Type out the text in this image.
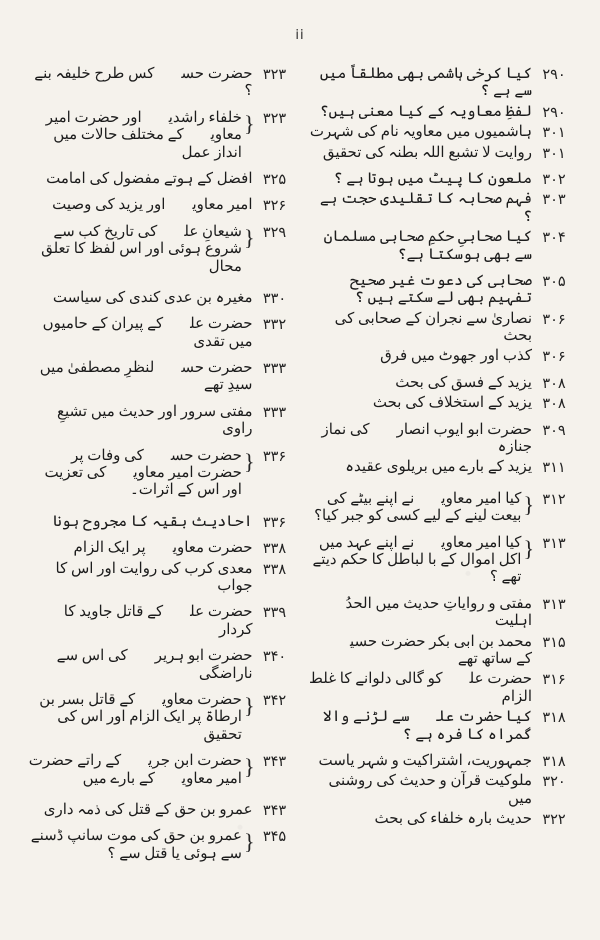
ii
۲۹۰
کیا کرخی ہاشمی بھی مطلقاً میں سے ہے ؟
۲۹۰
لفظِ معاویہ کے کیا معنی ہیں؟
۳۰۱
ہاشمیوں میں معاویہ نام کی شہرت
۳۰۱
روایت لا تشبع اللہ بطنہ کی تحقیق
۳۰۲
ملعون کا پیٹ میں ہوتا ہے ؟
۳۰۳
فہم صحابہ کا تقلیدی حجت ہے ؟
۳۰۴
کیا صحابیِ حکمِ صحابی مسلمان سے بھی ہوسکتا ہے؟
۳۰۵
صحابی کی دعوت غیر صحیح تفہیم بھی لے سکتے ہیں ؟
۳۰۶
نصاریٰ سے نجران کے صحابی کی بحث
۳۰۶
کذب اور جھوٹ میں فرق
۳۰۸
یزید کے فسق کی بحث
۳۰۸
یزید کے استخلاف کی بحث
۳۰۹
حضرت ابو ایوب انصاریؓ کی نماز جنازہ
۳۱۱
یزید کے بارے میں بریلوی عقیدہ
۳۱۲
{
کیا امیر معاویہؓ نے اپنے بیٹے کی بیعت لینے کے لیے کسی کو جبر کیا؟
۳۱۳
{
کیا امیر معاویہؓ نے اپنے عہد میں اکل اموال کے با لباطل کا حکم دیتے تھے ؟
۳۱۳
مفتی و روایاتِ حدیث میں الحدُ اہلیت
۳۱۵
محمد بن ابی بکر حضرت حسینؓ کے ساتھ تھے
۳۱۶
حضرت علیؓ کو گالی دلوانے کا غلط الزام
۳۱۸
کیا حضرت علیؓ سے لڑنے والا گمراہ کا فرہ ہے ؟
۳۱۸
جمہوریت، اشتراکیت و شہر یاست
۳۲۰
ملوکیت قرآن و حدیث کی روشنی میں
۳۲۲
حدیث بارہ خلفاء کی بحث
۳۲۳
حضرت حسنؓ کس طرح خلیفہ بنے ؟
۳۲۳
{
خلفاء راشدینؓ اور حضرت امیر معاویہؓ کے مختلف حالات میں انداز عمل
۳۲۵
افضل کے ہوتے مفضول کی امامت
۳۲۶
امیر معاویہؓ اور یزید کی وصیت
۳۲۹
{
شیعانِ علیؓ کی تاریخ کب سے شروع ہوئی اور اس لفظ کا تعلق محال
۳۳۰
مغیرہ بن عدی کندی کی سیاست
۳۳۲
حضرت علیؓ کے پیران کے حامیوں میں تقدی
۳۳۳
حضرت حسنؓ لنظرِ مصطفیٰ میں سیدِ تھے
۳۳۳
مفتی سرور اور حدیث میں تشیعِ راوی
۳۳۶
{
حضرت حسنؓ کی وفات پر حضرت امیر معاویہؓ کی تعزیت اور اس کے اثرات۔
۳۳۶
احادیث بقیہ کا مجروح ہونا
۳۳۸
حضرت معاویہؓ پر ایک الزام
۳۳۸
معدی کرب کی روایت اور اس کا جواب
۳۳۹
حضرت علیؓ کے قاتل جاوید کا کردار
۳۴۰
حضرت ابو ہریرہؓ کی اس سے ناراضگی
۳۴۲
{
حضرت معاویہؓ کے قاتل بسر بن ارطاۃ پر ایک الزام اور اس کی تحقیق
۳۴۳
{
حضرت ابن جریجؓ کے راتے حضرت امیر معاویہؓ کے بارے میں
۳۴۳
عمرو بن حق کے قتل کی ذمہ داری
۳۴۵
{
عمرو بن حق کی موت سانپ ڈسنے سے ہوئی یا قتل سے ؟
